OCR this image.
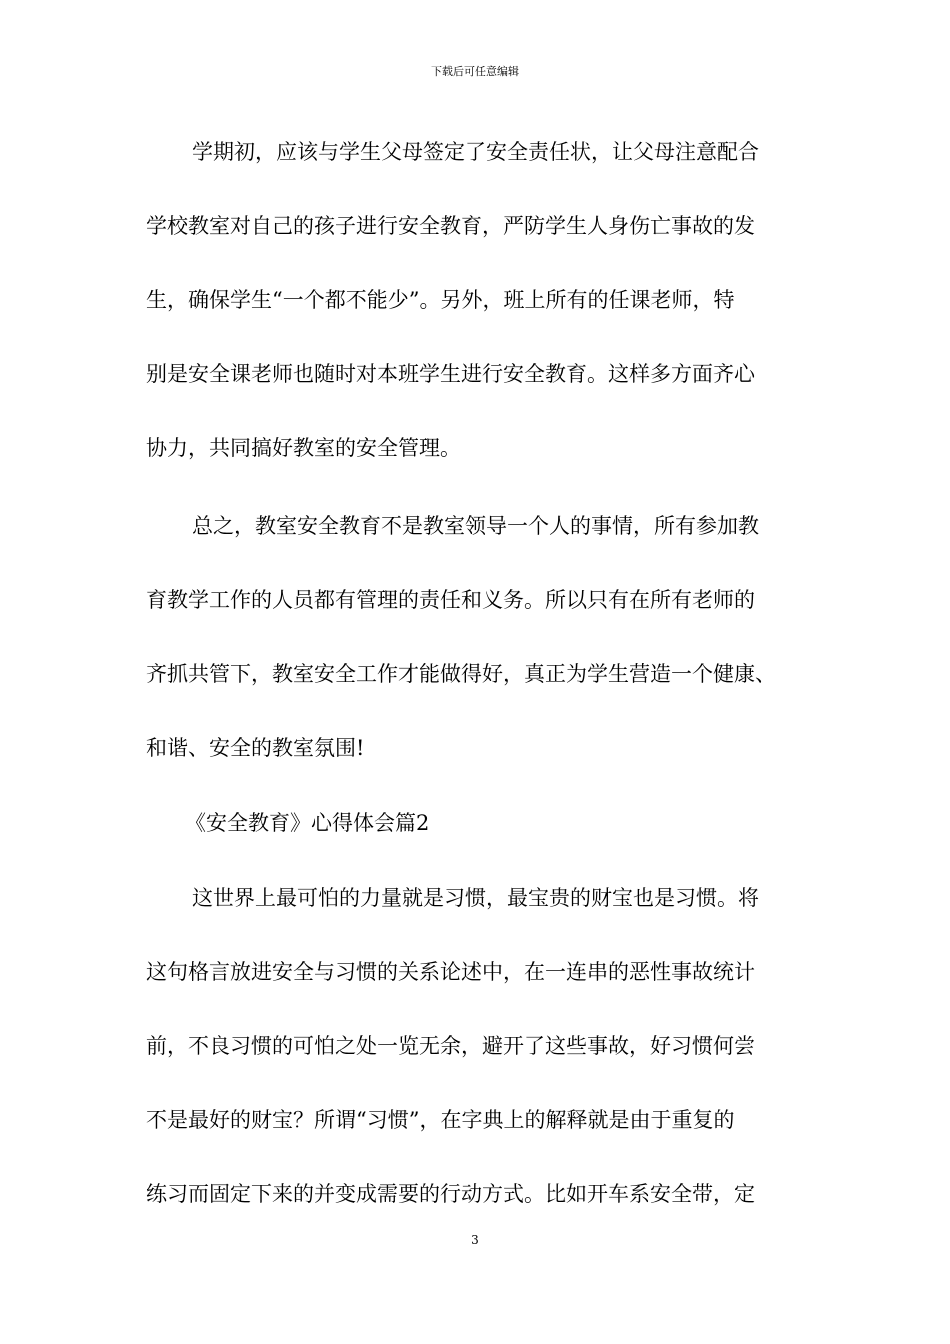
下载后可任意编辑
学期初，应该与学生父母签定了安全责任状，让父母注意配合
学校教室对自己的孩子进行安全教育，严防学生人身伤亡事故的发
生，确保学生“一个都不能少”。另外，班上所有的任课老师，特
别是安全课老师也随时对本班学生进行安全教育。这样多方面齐心
协力，共同搞好教室的安全管理。
总之，教室安全教育不是教室领导一个人的事情，所有参加教
育教学工作的人员都有管理的责任和义务。所以只有在所有老师的
齐抓共管下，教室安全工作才能做得好，真正为学生营造一个健康、
和谐、安全的教室氛围!
《安全教育》心得体会篇2
这世界上最可怕的力量就是习惯，最宝贵的财宝也是习惯。将
这句格言放进安全与习惯的关系论述中，在一连串的恶性事故统计
前，不良习惯的可怕之处一览无余，避开了这些事故，好习惯何尝
不是最好的财宝？所谓“习惯”，在字典上的解释就是由于重复的
练习而固定下来的并变成需要的行动方式。比如开车系安全带，定
3
